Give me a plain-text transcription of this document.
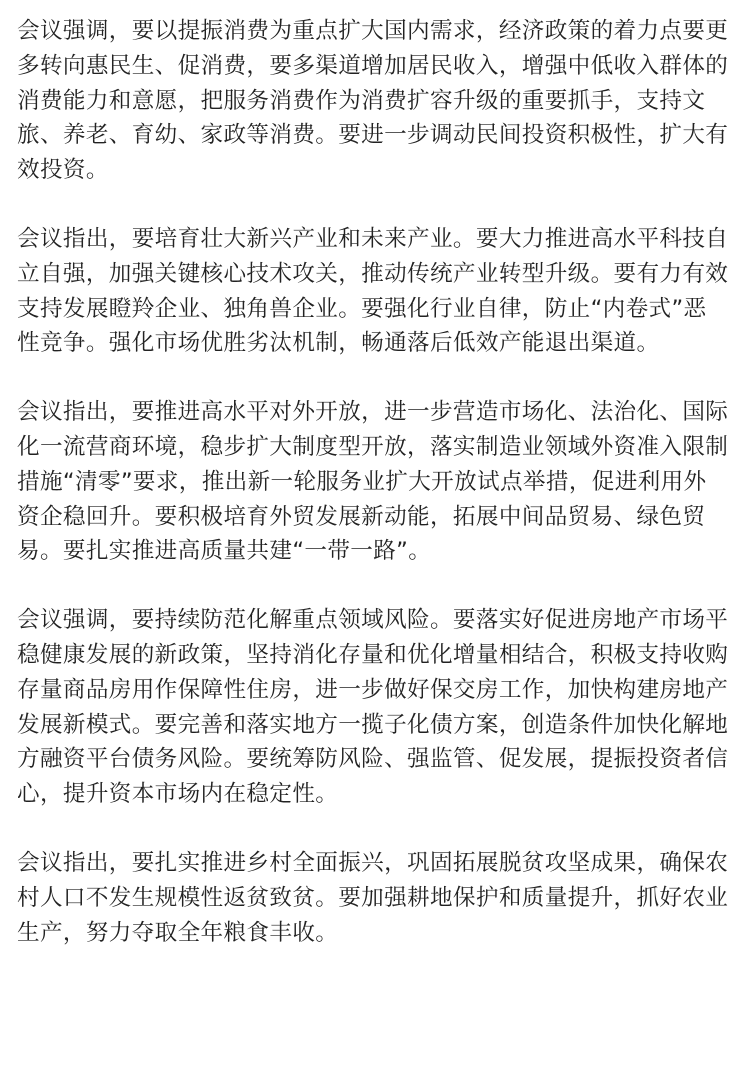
会议强调，要以提振消费为重点扩大国内需求，经济政策的着力点要更多转向惠民生、促消费，要多渠道增加居民收入，增强中低收入群体的消费能力和意愿，把服务消费作为消费扩容升级的重要抓手，支持文旅、养老、育幼、家政等消费。要进一步调动民间投资积极性，扩大有效投资。

会议指出，要培育壮大新兴产业和未来产业。要大力推进高水平科技自立自强，加强关键核心技术攻关，推动传统产业转型升级。要有力有效支持发展瞪羚企业、独角兽企业。要强化行业自律，防止“内卷式”恶性竞争。强化市场优胜劣汰机制，畅通落后低效产能退出渠道。

会议指出，要推进高水平对外开放，进一步营造市场化、法治化、国际化一流营商环境，稳步扩大制度型开放，落实制造业领域外资准入限制措施“清零”要求，推出新一轮服务业扩大开放试点举措，促进利用外资企稳回升。要积极培育外贸发展新动能，拓展中间品贸易、绿色贸易。要扎实推进高质量共建“一带一路”。

会议强调，要持续防范化解重点领域风险。要落实好促进房地产市场平稳健康发展的新政策，坚持消化存量和优化增量相结合，积极支持收购存量商品房用作保障性住房，进一步做好保交房工作，加快构建房地产发展新模式。要完善和落实地方一揽子化债方案，创造条件加快化解地方融资平台债务风险。要统筹防风险、强监管、促发展，提振投资者信心，提升资本市场内在稳定性。

会议指出，要扎实推进乡村全面振兴，巩固拓展脱贫攻坚成果，确保农村人口不发生规模性返贫致贫。要加强耕地保护和质量提升，抓好农业生产，努力夺取全年粮食丰收。
